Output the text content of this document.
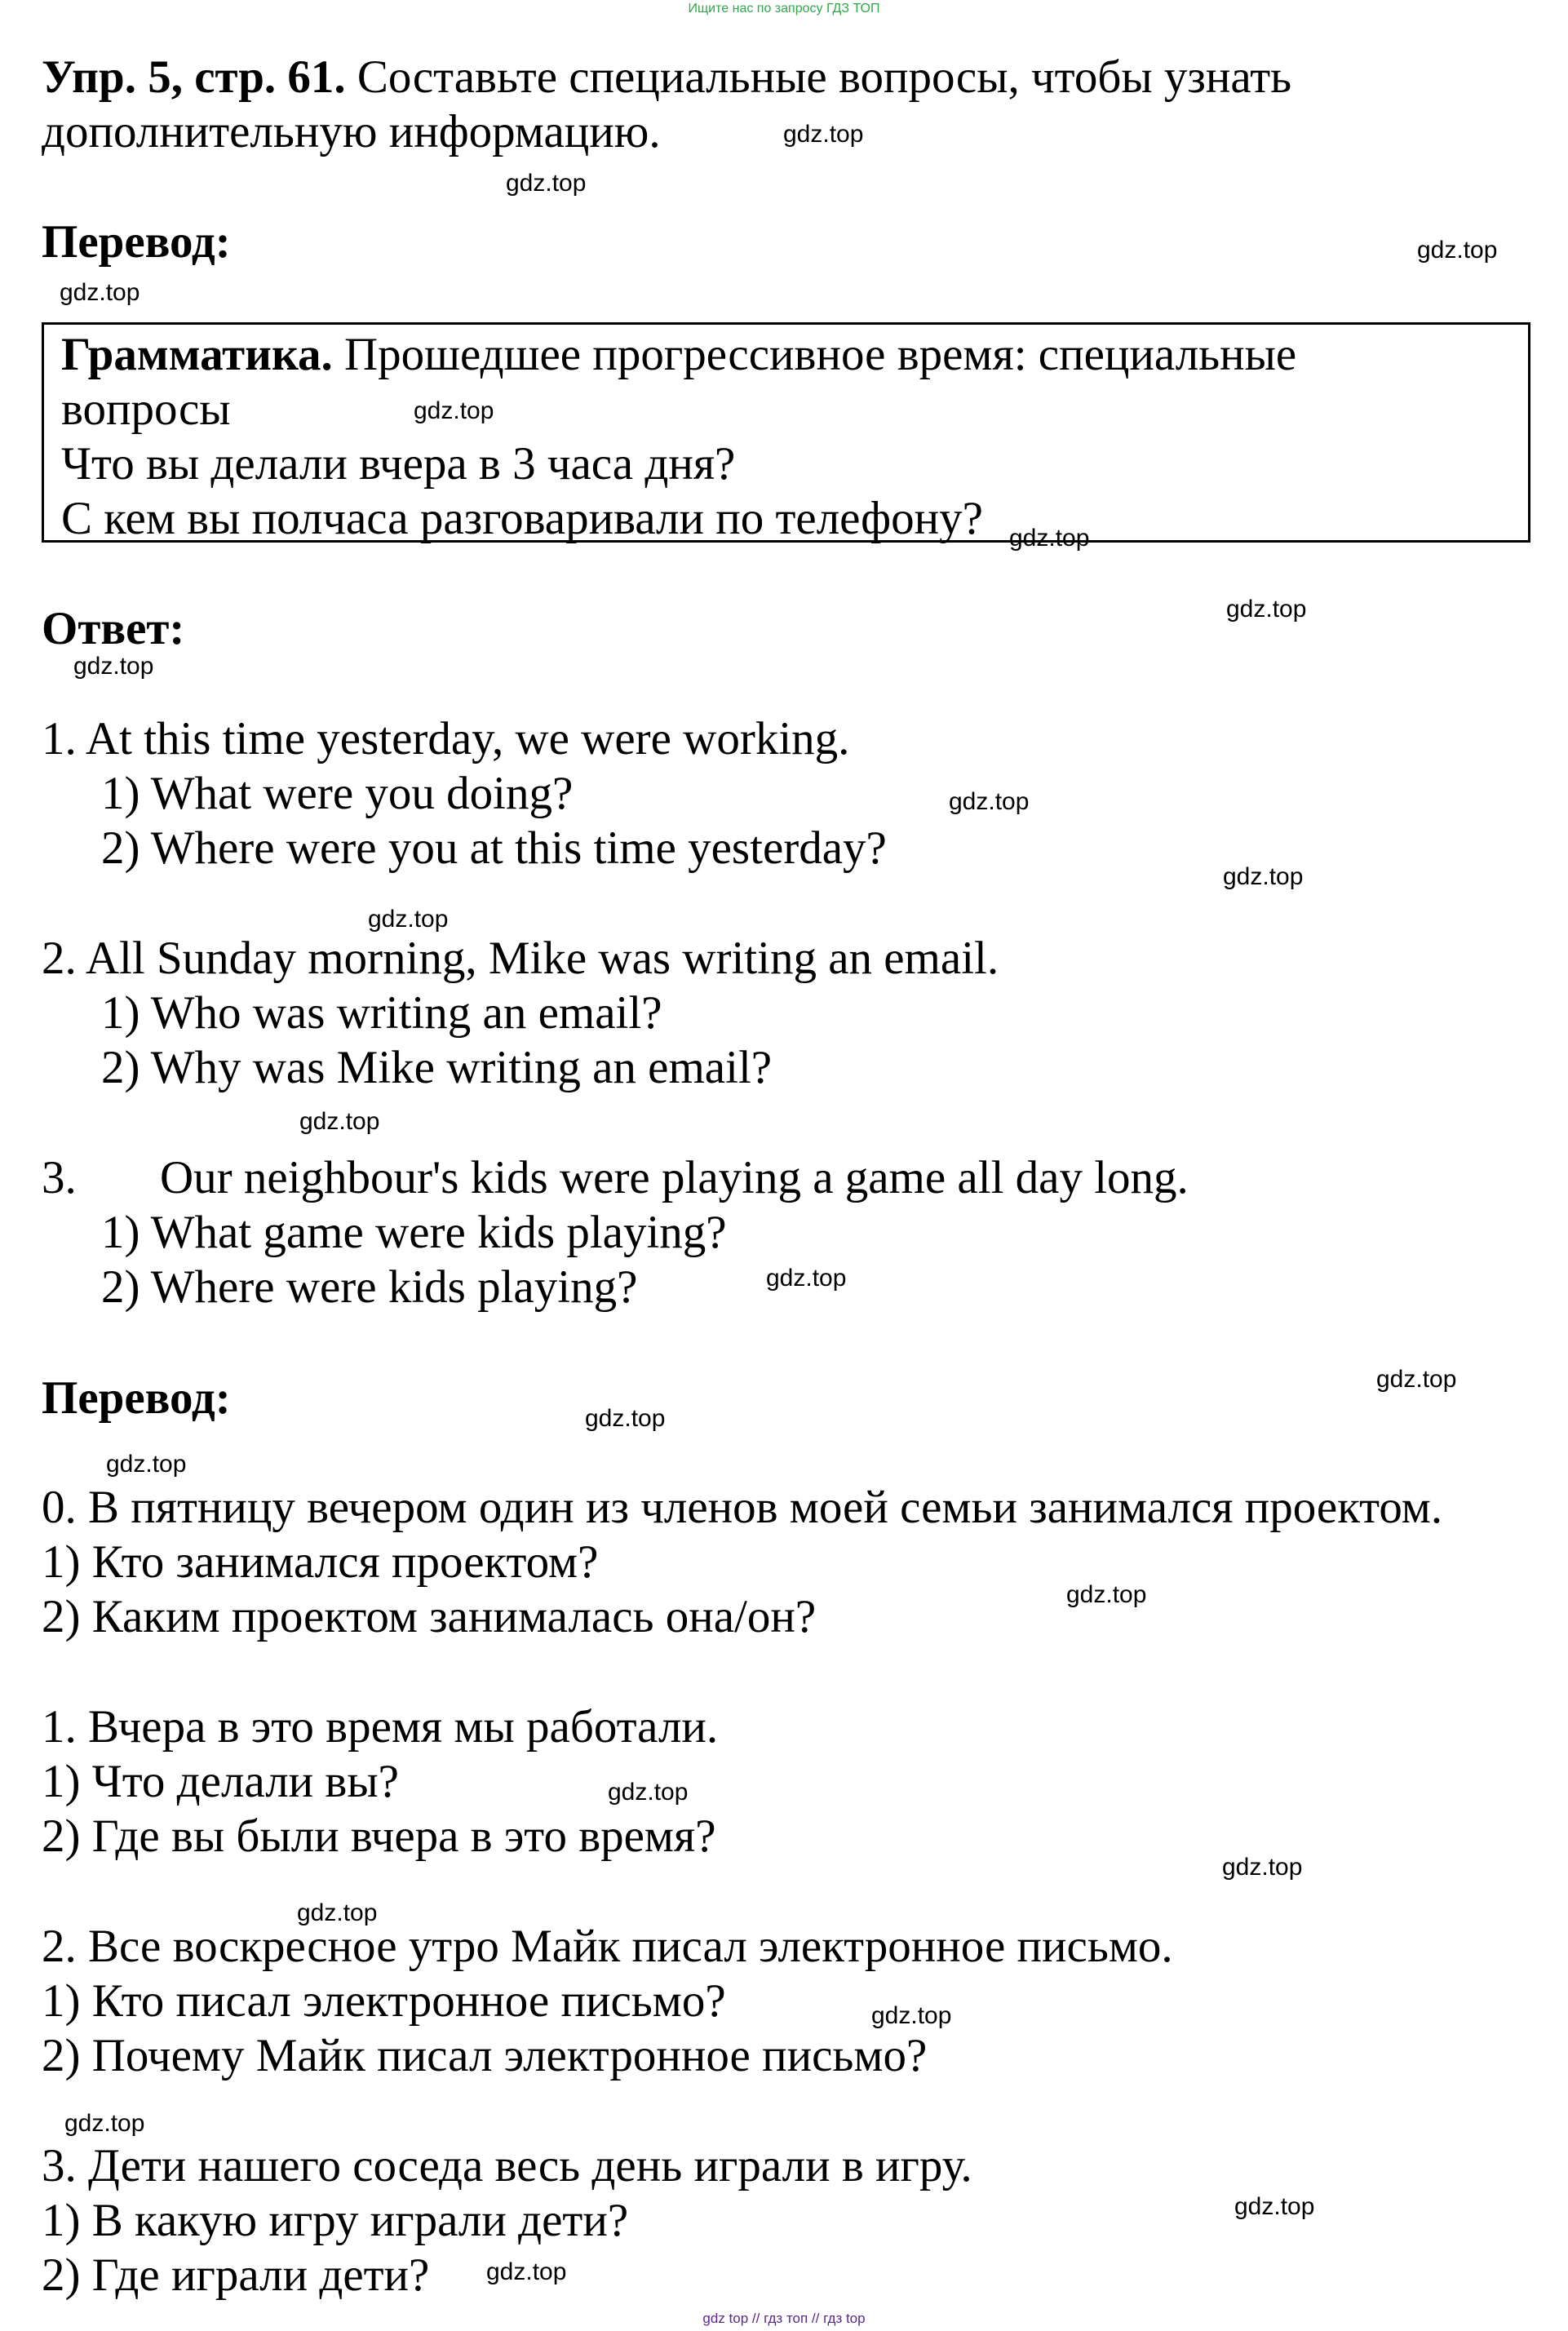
Ищите нас по запросу ГДЗ ТОП
Упр. 5, стр. 61. Составьте специальные вопросы, чтобы узнать
дополнительную информацию.
Перевод:
Грамматика. Прошедшее прогрессивное время: специальные
вопросы
Что вы делали вчера в 3 часа дня?
С кем вы полчаса разговаривали по телефону?
Ответ:
1. At this time yesterday, we were working.
1) What were you doing?
2) Where were you at this time yesterday?
2. All Sunday morning, Mike was writing an email.
1) Who was writing an email?
2) Why was Mike writing an email?
3. Our neighbour's kids were playing a game all day long.
1) What game were kids playing?
2) Where were kids playing?
Перевод:
0. В пятницу вечером один из членов моей семьи занимался проектом.
1) Кто занимался проектом?
2) Каким проектом занималась она/он?
1. Вчера в это время мы работали.
1) Что делали вы?
2) Где вы были вчера в это время?
2. Все воскресное утро Майк писал электронное письмо.
1) Кто писал электронное письмо?
2) Почему Майк писал электронное письмо?
3. Дети нашего соседа весь день играли в игру.
1) В какую игру играли дети?
2) Где играли дети?
gdz.top
gdz.top
gdz.top
gdz.top
gdz.top
gdz.top
gdz.top
gdz.top
gdz.top
gdz.top
gdz.top
gdz.top
gdz.top
gdz.top
gdz.top
gdz.top
gdz.top
gdz.top
gdz.top
gdz.top
gdz.top
gdz.top
gdz.top
gdz.top
gdz top // гдз топ // гдз top
